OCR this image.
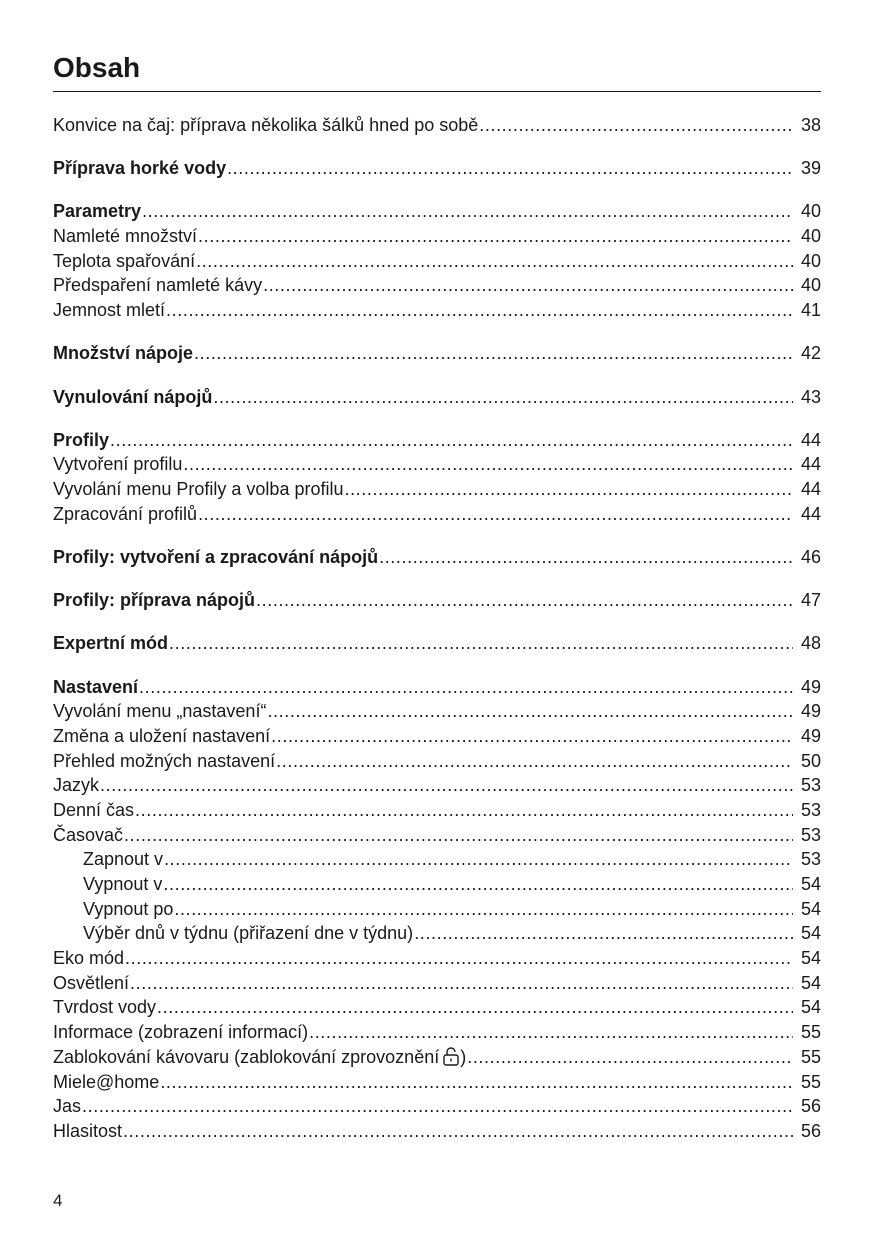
Obsah
Konvice na čaj: příprava několika šálků hned po sobě .....	38
Příprava horké vody .....	39
Parametry .....	40
Namleté množství .....	40
Teplota spařování .....	40
Předspaření namleté kávy .....	40
Jemnost mletí .....	41
Množství nápoje .....	42
Vynulování nápojů .....	43
Profily .....	44
Vytvoření profilu .....	44
Vyvolání menu Profily a volba profilu .....	44
Zpracování profilů .....	44
Profily: vytvoření a zpracování nápojů .....	46
Profily: příprava nápojů .....	47
Expertní mód .....	48
Nastavení .....	49
Vyvolání menu „nastavení“ .....	49
Změna a uložení nastavení .....	49
Přehled možných nastavení .....	50
Jazyk .....	53
Denní čas .....	53
Časovač .....	53
Zapnout v .....	53
Vypnout v .....	54
Vypnout po .....	54
Výběr dnů v týdnu (přiřazení dne v týdnu) .....	54
Eko mód .....	54
Osvětlení .....	54
Tvrdost vody .....	54
Informace (zobrazení informací) .....	55
Zablokování kávovaru (zablokování zprovoznění ) .....	55
Miele@home .....	55
Jas .....	56
Hlasitost .....	56
4
